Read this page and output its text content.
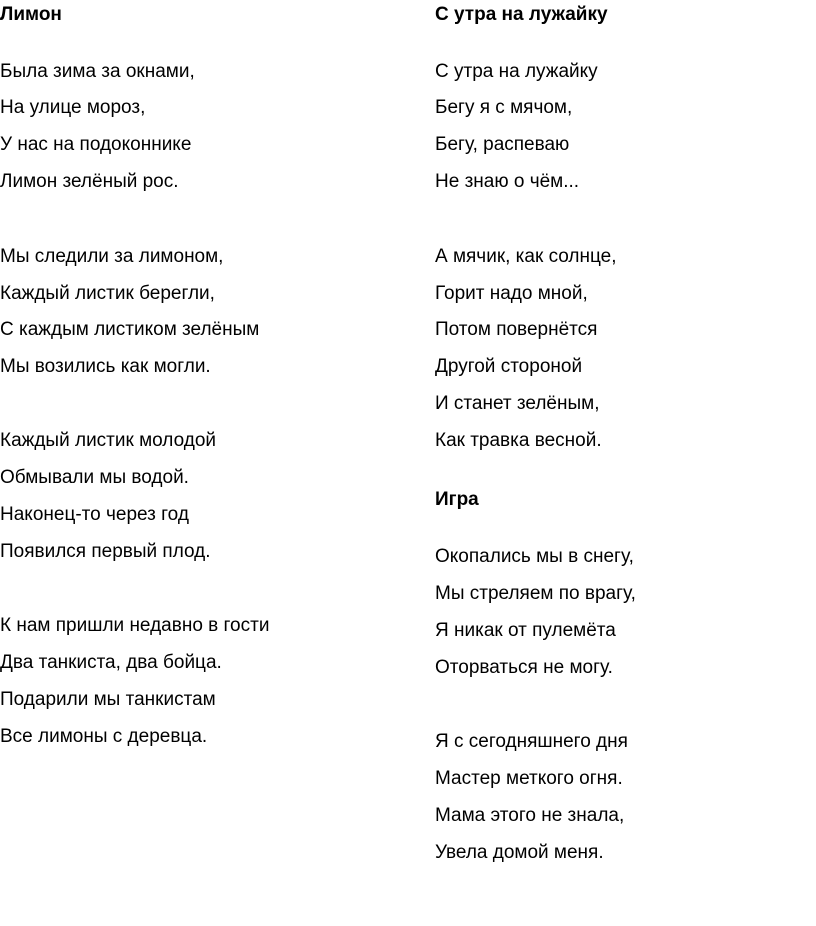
Лимон
Была зима за окнами,
На улице мороз,
У нас на подоконнике
Лимон зелёный рос.
Мы следили за лимоном,
Каждый листик берегли,
С каждым листиком зелёным
Мы возились как могли.
Каждый листик молодой
Обмывали мы водой.
Наконец-то через год
Появился первый плод.
К нам пришли недавно в гости
Два танкиста, два бойца.
Подарили мы танкистам
Все лимоны с деревца.
С утра на лужайку
С утра на лужайку
Бегу я с мячом,
Бегу, распеваю
Не знаю о чём...
А мячик, как солнце,
Горит надо мной,
Потом повернётся
Другой стороной
И станет зелёным,
Как травка весной.
Игра
Окопались мы в снегу,
Мы стреляем по врагу,
Я никак от пулемёта
Оторваться не могу.
Я с сегодняшнего дня
Мастер меткого огня.
Мама этого не знала,
Увела домой меня.
